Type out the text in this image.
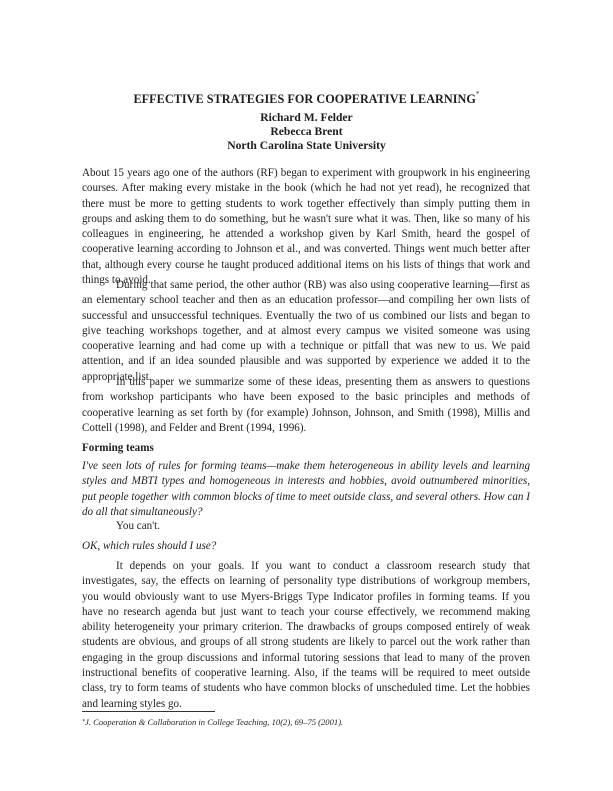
EFFECTIVE STRATEGIES FOR COOPERATIVE LEARNING*
Richard M. Felder
Rebecca Brent
North Carolina State University
About 15 years ago one of the authors (RF) began to experiment with groupwork in his engineering courses. After making every mistake in the book (which he had not yet read), he recognized that there must be more to getting students to work together effectively than simply putting them in groups and asking them to do something, but he wasn't sure what it was. Then, like so many of his colleagues in engineering, he attended a workshop given by Karl Smith, heard the gospel of cooperative learning according to Johnson et al., and was converted. Things went much better after that, although every course he taught produced additional items on his lists of things that work and things to avoid.
During that same period, the other author (RB) was also using cooperative learning—first as an elementary school teacher and then as an education professor—and compiling her own lists of successful and unsuccessful techniques. Eventually the two of us combined our lists and began to give teaching workshops together, and at almost every campus we visited someone was using cooperative learning and had come up with a technique or pitfall that was new to us. We paid attention, and if an idea sounded plausible and was supported by experience we added it to the appropriate list.
In this paper we summarize some of these ideas, presenting them as answers to questions from workshop participants who have been exposed to the basic principles and methods of cooperative learning as set forth by (for example) Johnson, Johnson, and Smith (1998), Millis and Cottell (1998), and Felder and Brent (1994, 1996).
Forming teams
I've seen lots of rules for forming teams—make them heterogeneous in ability levels and learning styles and MBTI types and homogeneous in interests and hobbies, avoid outnumbered minorities, put people together with common blocks of time to meet outside class, and several others. How can I do all that simultaneously?
You can't.
OK, which rules should I use?
It depends on your goals. If you want to conduct a classroom research study that investigates, say, the effects on learning of personality type distributions of workgroup members, you would obviously want to use Myers-Briggs Type Indicator profiles in forming teams. If you have no research agenda but just want to teach your course effectively, we recommend making ability heterogeneity your primary criterion. The drawbacks of groups composed entirely of weak students are obvious, and groups of all strong students are likely to parcel out the work rather than engaging in the group discussions and informal tutoring sessions that lead to many of the proven instructional benefits of cooperative learning. Also, if the teams will be required to meet outside class, try to form teams of students who have common blocks of unscheduled time. Let the hobbies and learning styles go.
*J. Cooperation & Collaboration in College Teaching, 10(2), 69–75 (2001).
